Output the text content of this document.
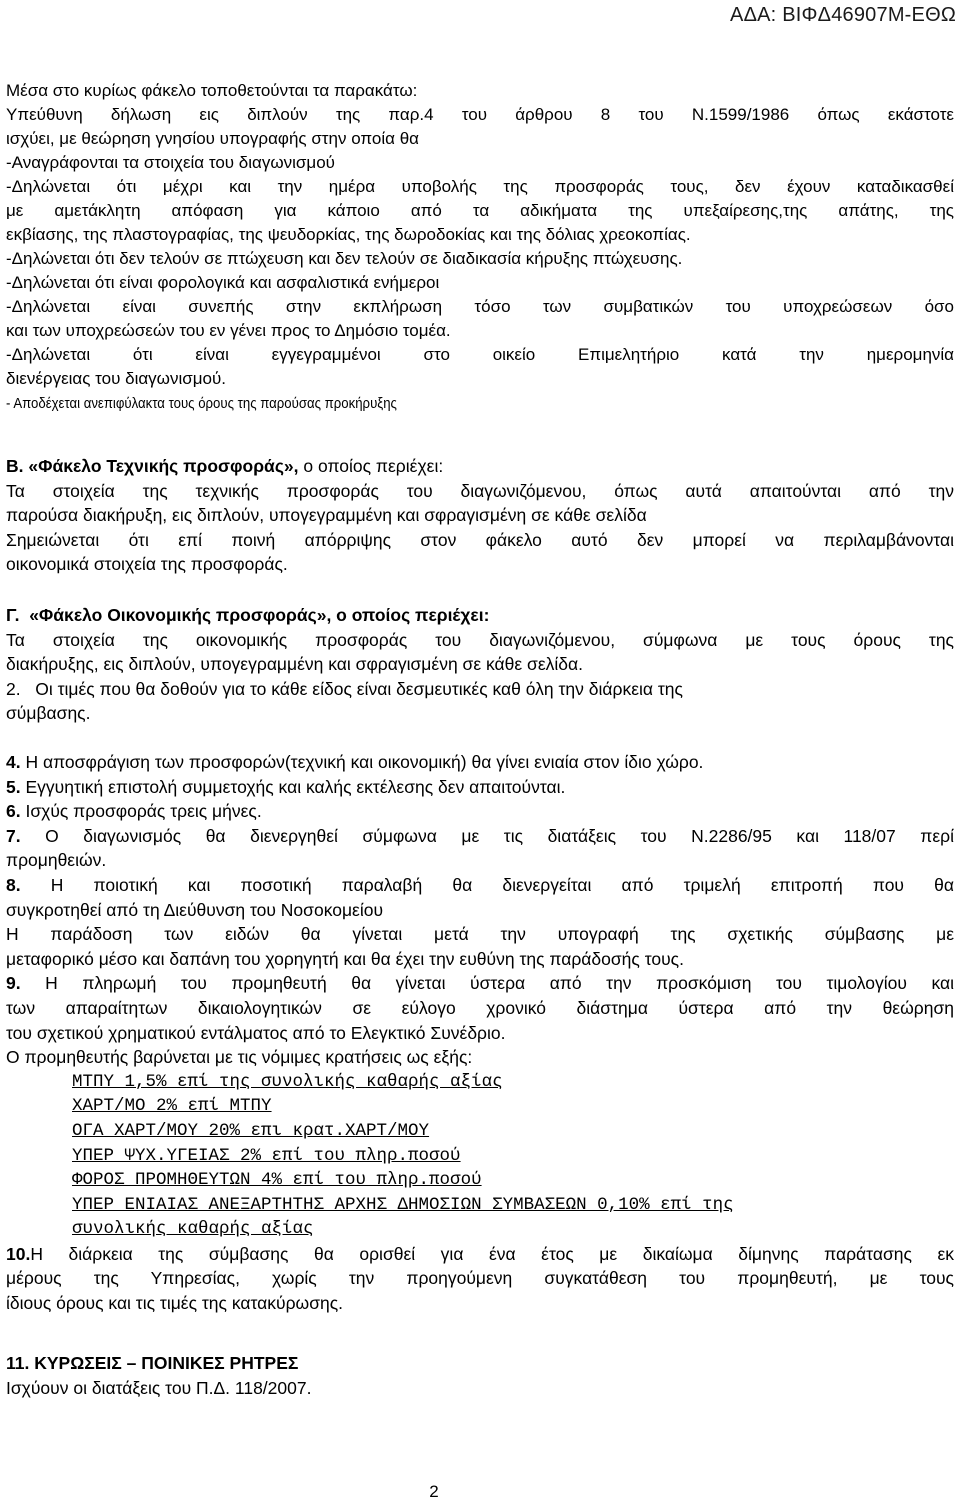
ΑΔΑ: ΒΙΦΔ46907Μ-ΕΘΩ

Μέσα στο κυρίως φάκελο τοποθετούνται τα παρακάτω:

Υπεύθυνη δήλωση εις διπλούν της παρ.4 του άρθρου 8 του Ν.1599/1986 όπως εκάστοτε

ισχύει, με θεώρηση γνησίου υπογραφής στην οποία θα

-Αναγράφονται τα στοιχεία του διαγωνισμού

-Δηλώνεται ότι μέχρι και την ημέρα υποβολής της προσφοράς τους, δεν έχουν καταδικασθεί

με αμετάκλητη απόφαση για κάποιο από τα αδικήματα της υπεξαίρεσης,της απάτης, της

εκβίασης, της πλαστογραφίας, της ψευδορκίας, της δωροδοκίας και της δόλιας χρεοκοπίας.

-Δηλώνεται ότι δεν τελούν σε πτώχευση και δεν τελούν σε διαδικασία κήρυξης πτώχευσης.

-Δηλώνεται ότι είναι φορολογικά και ασφαλιστικά ενήμεροι

-Δηλώνεται είναι συνεπής στην εκπλήρωση τόσο των συμβατικών του υποχρεώσεων όσο

και των υποχρεώσεών του εν γένει προς το Δημόσιο τομέα.

-Δηλώνεται ότι είναι εγγεγραμμένοι στο οικείο Επιμελητήριο κατά την ημερομηνία

διενέργειας του διαγωνισμού.

- Αποδέχεται ανεπιφύλακτα τους όρους της παρούσας προκήρυξης

Β. «Φάκελο Τεχνικής προσφοράς», ο οποίος περιέχει:

Τα στοιχεία της τεχνικής προσφοράς του διαγωνιζόμενου, όπως αυτά απαιτούνται από την

παρούσα διακήρυξη, εις διπλούν, υπογεγραμμένη και σφραγισμένη σε κάθε σελίδα

Σημειώνεται ότι επί ποινή απόρριψης στον φάκελο αυτό δεν μπορεί να περιλαμβάνονται

οικονομικά στοιχεία της προσφοράς.

Γ. «Φάκελο Οικονομικής προσφοράς», ο οποίος περιέχει:

Τα στοιχεία της οικονομικής προσφοράς του διαγωνιζόμενου, σύμφωνα με τους όρους της

διακήρυξης, εις διπλούν, υπογεγραμμένη και σφραγισμένη σε κάθε σελίδα.

2. Οι τιμές που θα δοθούν για το κάθε είδος είναι δεσμευτικές καθ όλη την διάρκεια της

σύμβασης.

4. Η αποσφράγιση των προσφορών(τεχνική και οικονομική) θα γίνει ενιαία στον ίδιο χώρο.

5. Εγγυητική επιστολή συμμετοχής και καλής εκτέλεσης δεν απαιτούνται.

6. Ισχύς προσφοράς τρεις μήνες.

7. Ο διαγωνισμός θα διενεργηθεί σύμφωνα με τις διατάξεις του Ν.2286/95 και 118/07 περί

προμηθειών.

8. Η ποιοτική και ποσοτική παραλαβή θα διενεργείται από τριμελή επιτροπή που θα

συγκροτηθεί από τη Διεύθυνση του Νοσοκομείου

Η παράδοση των ειδών θα γίνεται μετά την υπογραφή της σχετικής σύμβασης με

μεταφορικό μέσο και δαπάνη του χορηγητή και θα έχει την ευθύνη της παράδοσής τους.

9. Η πληρωμή του προμηθευτή θα γίνεται ύστερα από την προσκόμιση του τιμολογίου και

των απαραίτητων δικαιολογητικών σε εύλογο χρονικό διάστημα ύστερα από την θεώρηση

του σχετικού χρηματικού εντάλματος από το Ελεγκτικό Συνέδριο.

Ο προμηθευτής βαρύνεται με τις νόμιμες κρατήσεις ως εξής:

ΜΤΠΥ 1,5% επί της συνολικής καθαρής αξίας

ΧΑΡΤ/ΜΟ 2% επί ΜΤΠΥ

ΟΓΑ ΧΑΡΤ/ΜΟΥ 20% επι κρατ.ΧΑΡΤ/ΜΟΥ

ΥΠΕΡ ΨΥΧ.ΥΓΕΙΑΣ 2% επί του πληρ.ποσού

ΦΟΡΟΣ ΠΡΟΜΗΘΕΥΤΩΝ 4% επί του πληρ.ποσού

ΥΠΕΡ ΕΝΙΑΙΑΣ ΑΝΕΞΑΡΤΗΤΗΣ ΑΡΧΗΣ ΔΗΜΟΣΙΩΝ ΣΥΜΒΑΣΕΩΝ 0,10% επί της

συνολικής καθαρής αξίας

10.Η διάρκεια της σύμβασης θα ορισθεί για ένα έτος με δικαίωμα δίμηνης παράτασης εκ

μέρους της Υπηρεσίας, χωρίς την προηγούμενη συγκατάθεση του προμηθευτή, με τους

ίδιους όρους και τις τιμές της κατακύρωσης.

11. ΚΥΡΩΣΕΙΣ – ΠΟΙΝΙΚΕΣ ΡΗΤΡΕΣ

Ισχύουν οι διατάξεις του Π.Δ. 118/2007.

2
